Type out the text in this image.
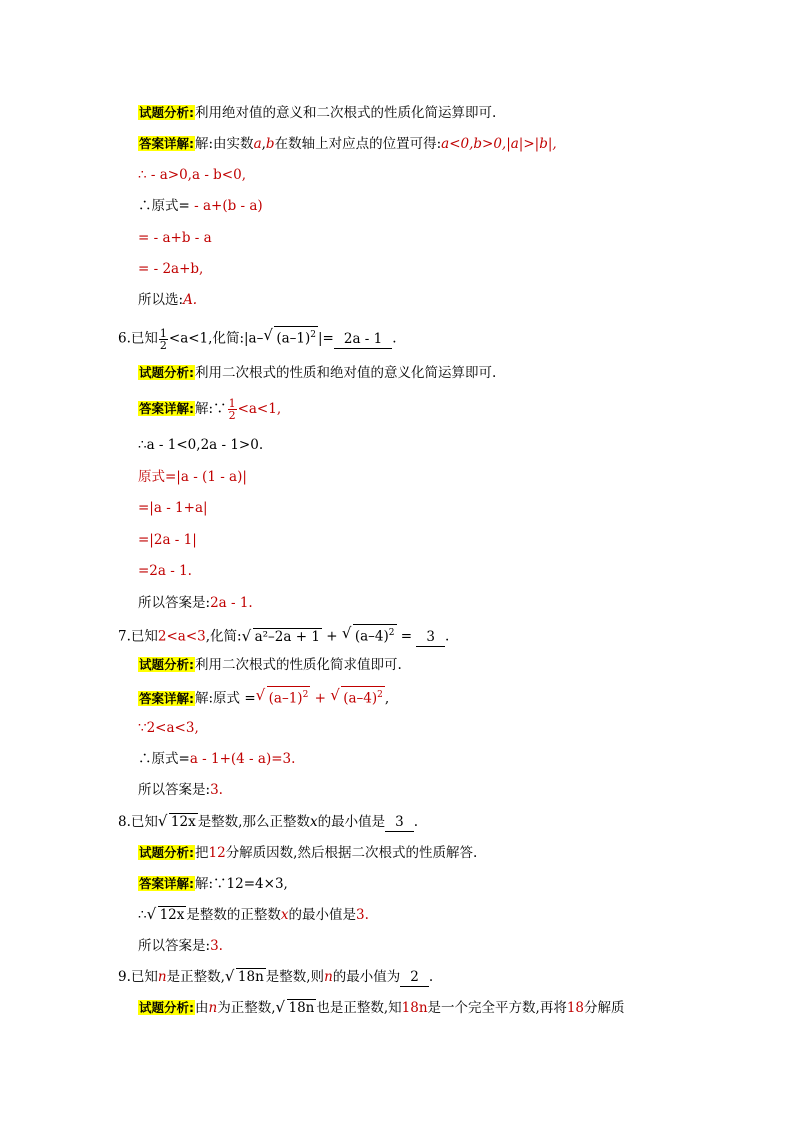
试题分析:利用绝对值的意义和二次根式的性质化简运算即可.
答案详解:解:由实数a,b在数轴上对应点的位置可得:a<0,b>0,|a|>|b|,
∴ - a>0,a - b<0,
∴原式= - a+(b - a)
= - a+b - a
= - 2a+b,
所以选:A.
6.已知 $\frac{1}{2} <a<1$,化简:|a– √ $(a-1)^2$ |= 2a - 1 .
试题分析:利用二次根式的性质和绝对值的意义化简运算即可.
答案详解:解:∵ $\frac{1}{2} <a<1$,
∴a - 1<0,2a - 1>0.
原式=|a - (1 - a)|
=|a - 1+a|
=|2a - 1|
=2a - 1.
所以答案是:2a - 1.
7.已知2<a<3,化简: √ a²–2a + 1 + √ $(a-4)^2 = 3$ .
试题分析:利用二次根式的性质化简求值即可.
答案详解:解:原式 = √ $(a-1)^2$ + √ $(a-4)^2$ ,
∵2<a<3,
∴原式=a - 1+(4 - a)=3.
所以答案是:3.
8.已知 √ 12x 是整数,那么正整数x的最小值是 3 .
试题分析:把12分解质因数,然后根据二次根式的性质解答.
答案详解:解:∵12=4×3,
∴ √ 12x 是整数的正整数x的最小值是3.
所以答案是:3.
9.已知n是正整数, √ 18n 是整数,则n的最小值为 2 .
试题分析:由n为正整数, √ 18n 也是正整数,知18n是一个完全平方数,再将18分解质
